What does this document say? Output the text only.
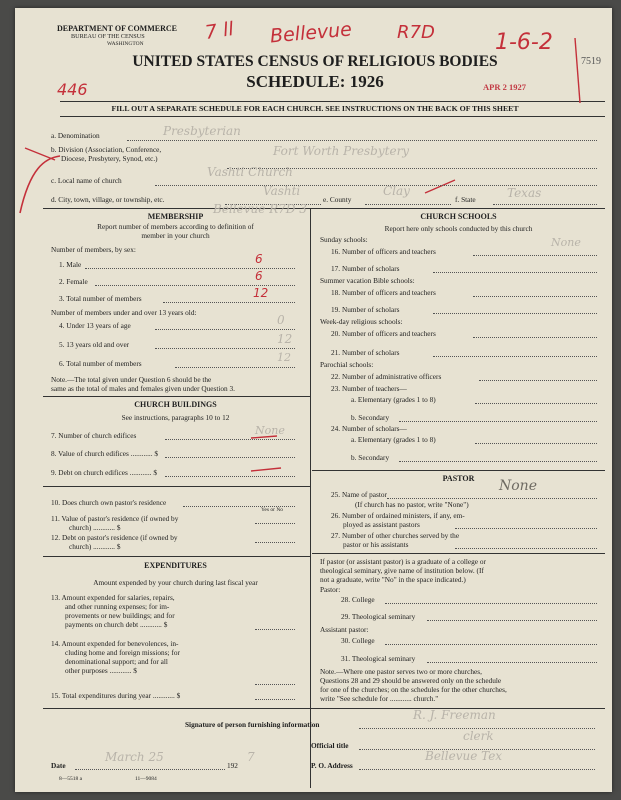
DEPARTMENT OF COMMERCE
BUREAU OF THE CENSUS
WASHINGTON
UNITED STATES CENSUS OF RELIGIOUS BODIES
SCHEDULE: 1926
7519
APR 2 1927
FILL OUT A SEPARATE SCHEDULE FOR EACH CHURCH. SEE INSTRUCTIONS ON THE BACK OF THIS SHEET
7 ll Bellevue R7D	1-6-2
446
a. Denomination	Presbyterian
b. Division (Association, Conference,
Diocese, Presbytery, Synod, etc.)
Fort Worth Presbytery
c. Local name of church
Vashti Church
d. City, town, village, or township, etc.
Vashti
e. County
Clay
f. State	Texas
MEMBERSHIP
Bellevue R7D 3
Report number of members according to definition of
member in your church
Number of members, by sex:
1. Male	6
2. Female	6
3. Total number of members	12
Number of members under and over 13 years old:
4. Under 13 years of age	0
5. 13 years old and over	12
6. Total number of members	12
Note.—The total given under Question 6 should be the
same as the total of males and females given under Question 3.
CHURCH BUILDINGS
See instructions, paragraphs 10 to 12
7. Number of church edifices	None
8. Value of church edifices ............ $
9. Debt on church edifices ............ $
CHURCH SCHOOLS
Report here only schools conducted by this church
Sunday schools:
16. Number of officers and teachers
None
17. Number of scholars
Summer vacation Bible schools:
18. Number of officers and teachers
19. Number of scholars
Week-day religious schools:
20. Number of officers and teachers
21. Number of scholars
Parochial schools:
22. Number of administrative officers
23. Number of teachers—
a. Elementary (grades 1 to 8)
b. Secondary
24. Number of scholars—
a. Elementary (grades 1 to 8)
b. Secondary
PASTOR
25. Name of pastor
None
(If church has no pastor, write "None")
26. Number of ordained ministers, if any, em-
ployed as assistant pastors
27. Number of other churches served by the
pastor or his assistants
10. Does church own pastor's residence
Yes or No
11. Value of pastor's residence (if owned by
church) ............ $
12. Debt on pastor's residence (if owned by
church) ............ $
EXPENDITURES
Amount expended by your church during last fiscal year
13. Amount expended for salaries, repairs,
and other running expenses; for im-
provements or new buildings; and for
payments on church debt ............ $
14. Amount expended for benevolences, in-
cluding home and foreign missions; for
denominational support; and for all
other purposes ............ $
15. Total expenditures during year ............ $
If pastor (or assistant pastor) is a graduate of a college or
theological seminary, give name of institution below. (If
not a graduate, write "No" in the space indicated.)
Pastor:
28. College
29. Theological seminary
Assistant pastor:
30. College
31. Theological seminary
Note.—Where one pastor serves two or more churches,
Questions 28 and 29 should be answered only on the schedule
for one of the churches; on the schedules for the other churches,
write "See schedule for ............ church."
Signature of person furnishing information
R. J. Freeman
Official title
clerk
Date
March 25
192
7
P. O. Address
Bellevue Tex
8—5518 a	11—9084
